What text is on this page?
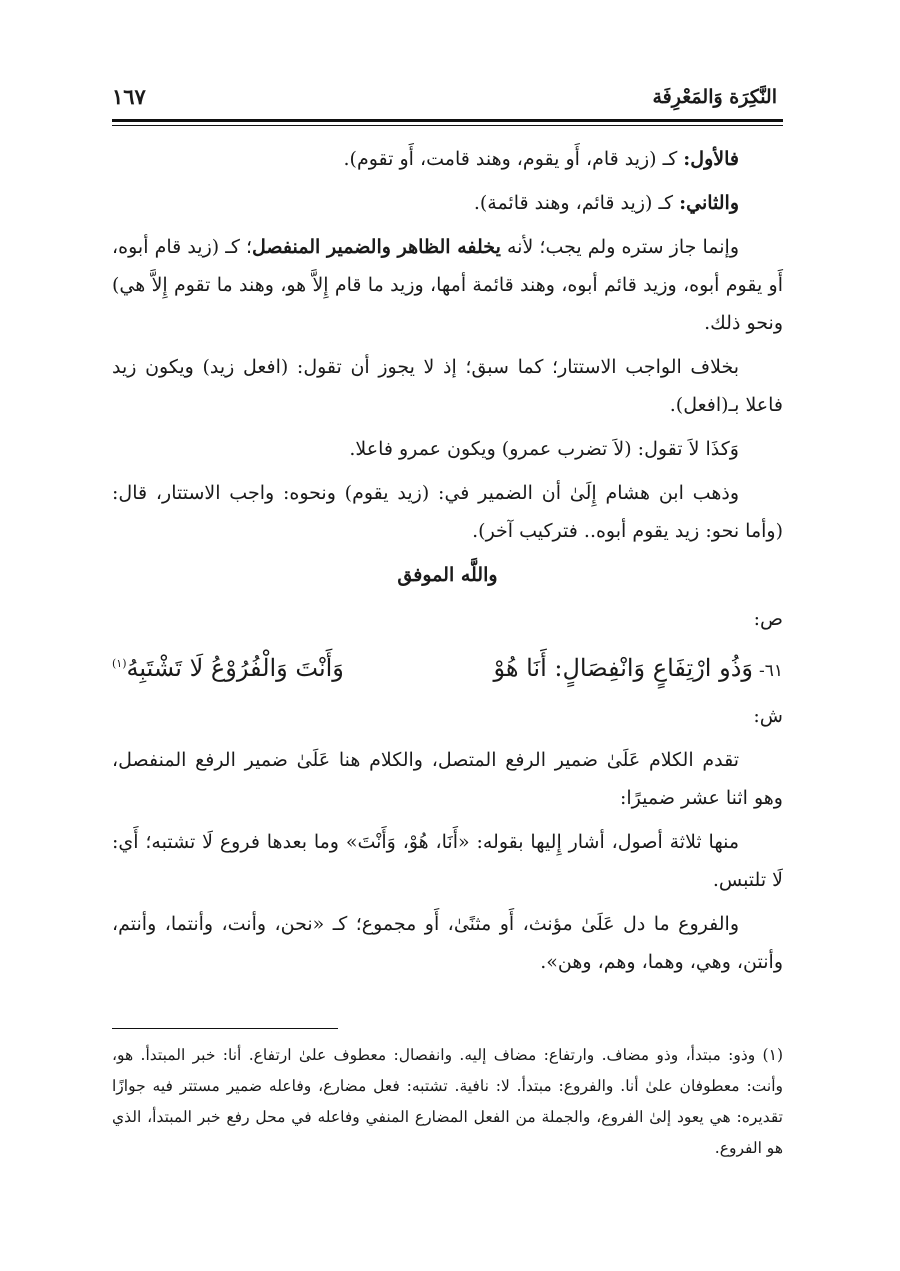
النَّكِرَة وَالمَعْرِفَة
١٦٧

فالأول: كـ (زيد قام، أَو يقوم، وهند قامت، أَو تقوم).

والثاني: كـ (زيد قائم، وهند قائمة).

وإنما جاز ستره ولم يجب؛ لأنه يخلفه الظاهر والضمير المنفصل؛ كـ (زيد قام أبوه، أَو يقوم أبوه، وزيد قائم أبوه، وهند قائمة أمها، وزيد ما قام إِلاَّ هو، وهند ما تقوم إِلاَّ هي) ونحو ذلك.

بخلاف الواجب الاستتار؛ كما سبق؛ إذ لا يجوز أن تقول: (افعل زيد) ويكون زيد فاعلا بـ(افعل).

وَكذَا لاَ تقول: (لاَ تضرب عمرو) ويكون عمرو فاعلا.

وذهب ابن هشام إِلَىٰ أن الضمير في: (زيد يقوم) ونحوه: واجب الاستتار، قال: (وأما نحو: زيد يقوم أبوه.. فتركيب آخر).

واللَّه الموفق

ص:

٦١-وَذُو ارْتِفَاعٍ وَانْفِصَالٍ: أَنَا هُوْ
وَأَنْتَ وَالْفُرُوْعُ لَا تَشْتَبِهُ$^{(١)}$

ش:

تقدم الكلام عَلَىٰ ضمير الرفع المتصل، والكلام هنا عَلَىٰ ضمير الرفع المنفصل، وهو اثنا عشر ضميرًا:

منها ثلاثة أصول، أشار إِليها بقوله: «أَنَا، هُوْ، وَأَنْتَ» وما بعدها فروع لَا تشتبه؛ أَي: لَا تلتبس.

والفروع ما دل عَلَىٰ مؤنث، أَو مثنًىٰ، أَو مجموع؛ كـ «نحن، وأنت، وأنتما، وأنتم، وأنتن، وهي، وهما، وهم، وهن».

(١) وذو: مبتدأ، وذو مضاف. وارتفاع: مضاف إليه. وانفصال: معطوف علىٰ ارتفاع. أنا: خبر المبتدأ. هو، وأنت: معطوفان علىٰ أنا. والفروع: مبتدأ. لا: نافية. تشتبه: فعل مضارع، وفاعله ضمير مستتر فيه جوازًا تقديره: هي يعود إلىٰ الفروع، والجملة من الفعل المضارع المنفي وفاعله في محل رفع خبر المبتدأ، الذي هو الفروع.
